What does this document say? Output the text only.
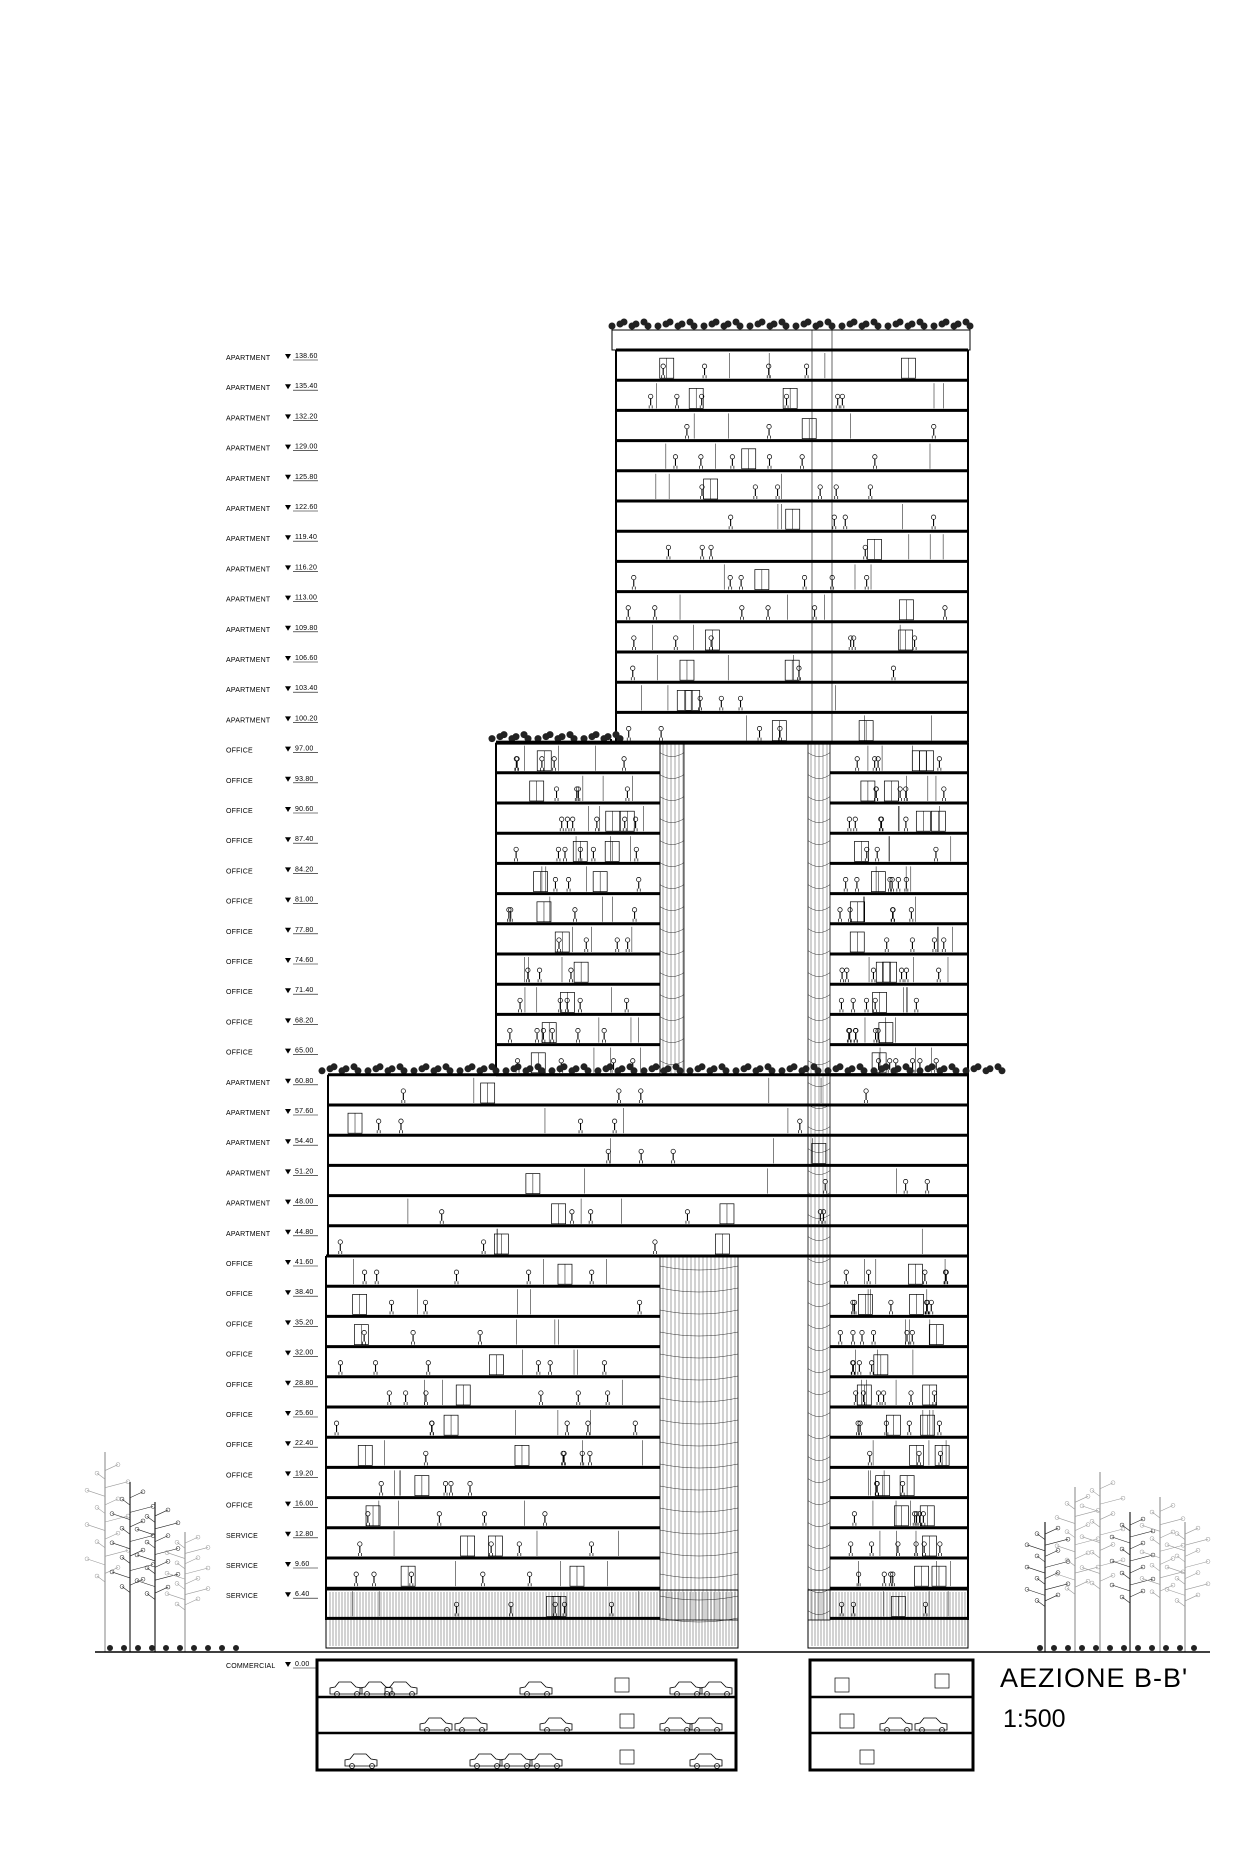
APARTMENT	138.60
APARTMENT	135.40
APARTMENT	132.20
APARTMENT	129.00
APARTMENT	125.80
APARTMENT	122.60
APARTMENT	119.40
APARTMENT	116.20
APARTMENT	113.00
APARTMENT	109.80
APARTMENT	106.60
APARTMENT	103.40
APARTMENT	100.20
OFFICE	97.00
OFFICE	93.80
OFFICE	90.60
OFFICE	87.40
OFFICE	84.20
OFFICE	81.00
OFFICE	77.80
OFFICE	74.60
OFFICE	71.40
OFFICE	68.20
OFFICE	65.00
APARTMENT	60.80
APARTMENT	57.60
APARTMENT	54.40
APARTMENT	51.20
APARTMENT	48.00
APARTMENT	44.80
OFFICE	41.60
OFFICE	38.40
OFFICE	35.20
OFFICE	32.00
OFFICE	28.80
OFFICE	25.60
OFFICE	22.40
OFFICE	19.20
OFFICE	16.00
SERVICE	12.80
SERVICE	9.60
SERVICE	6.40
COMMERCIAL	0.00	AEZIONE B-B'
1:500
